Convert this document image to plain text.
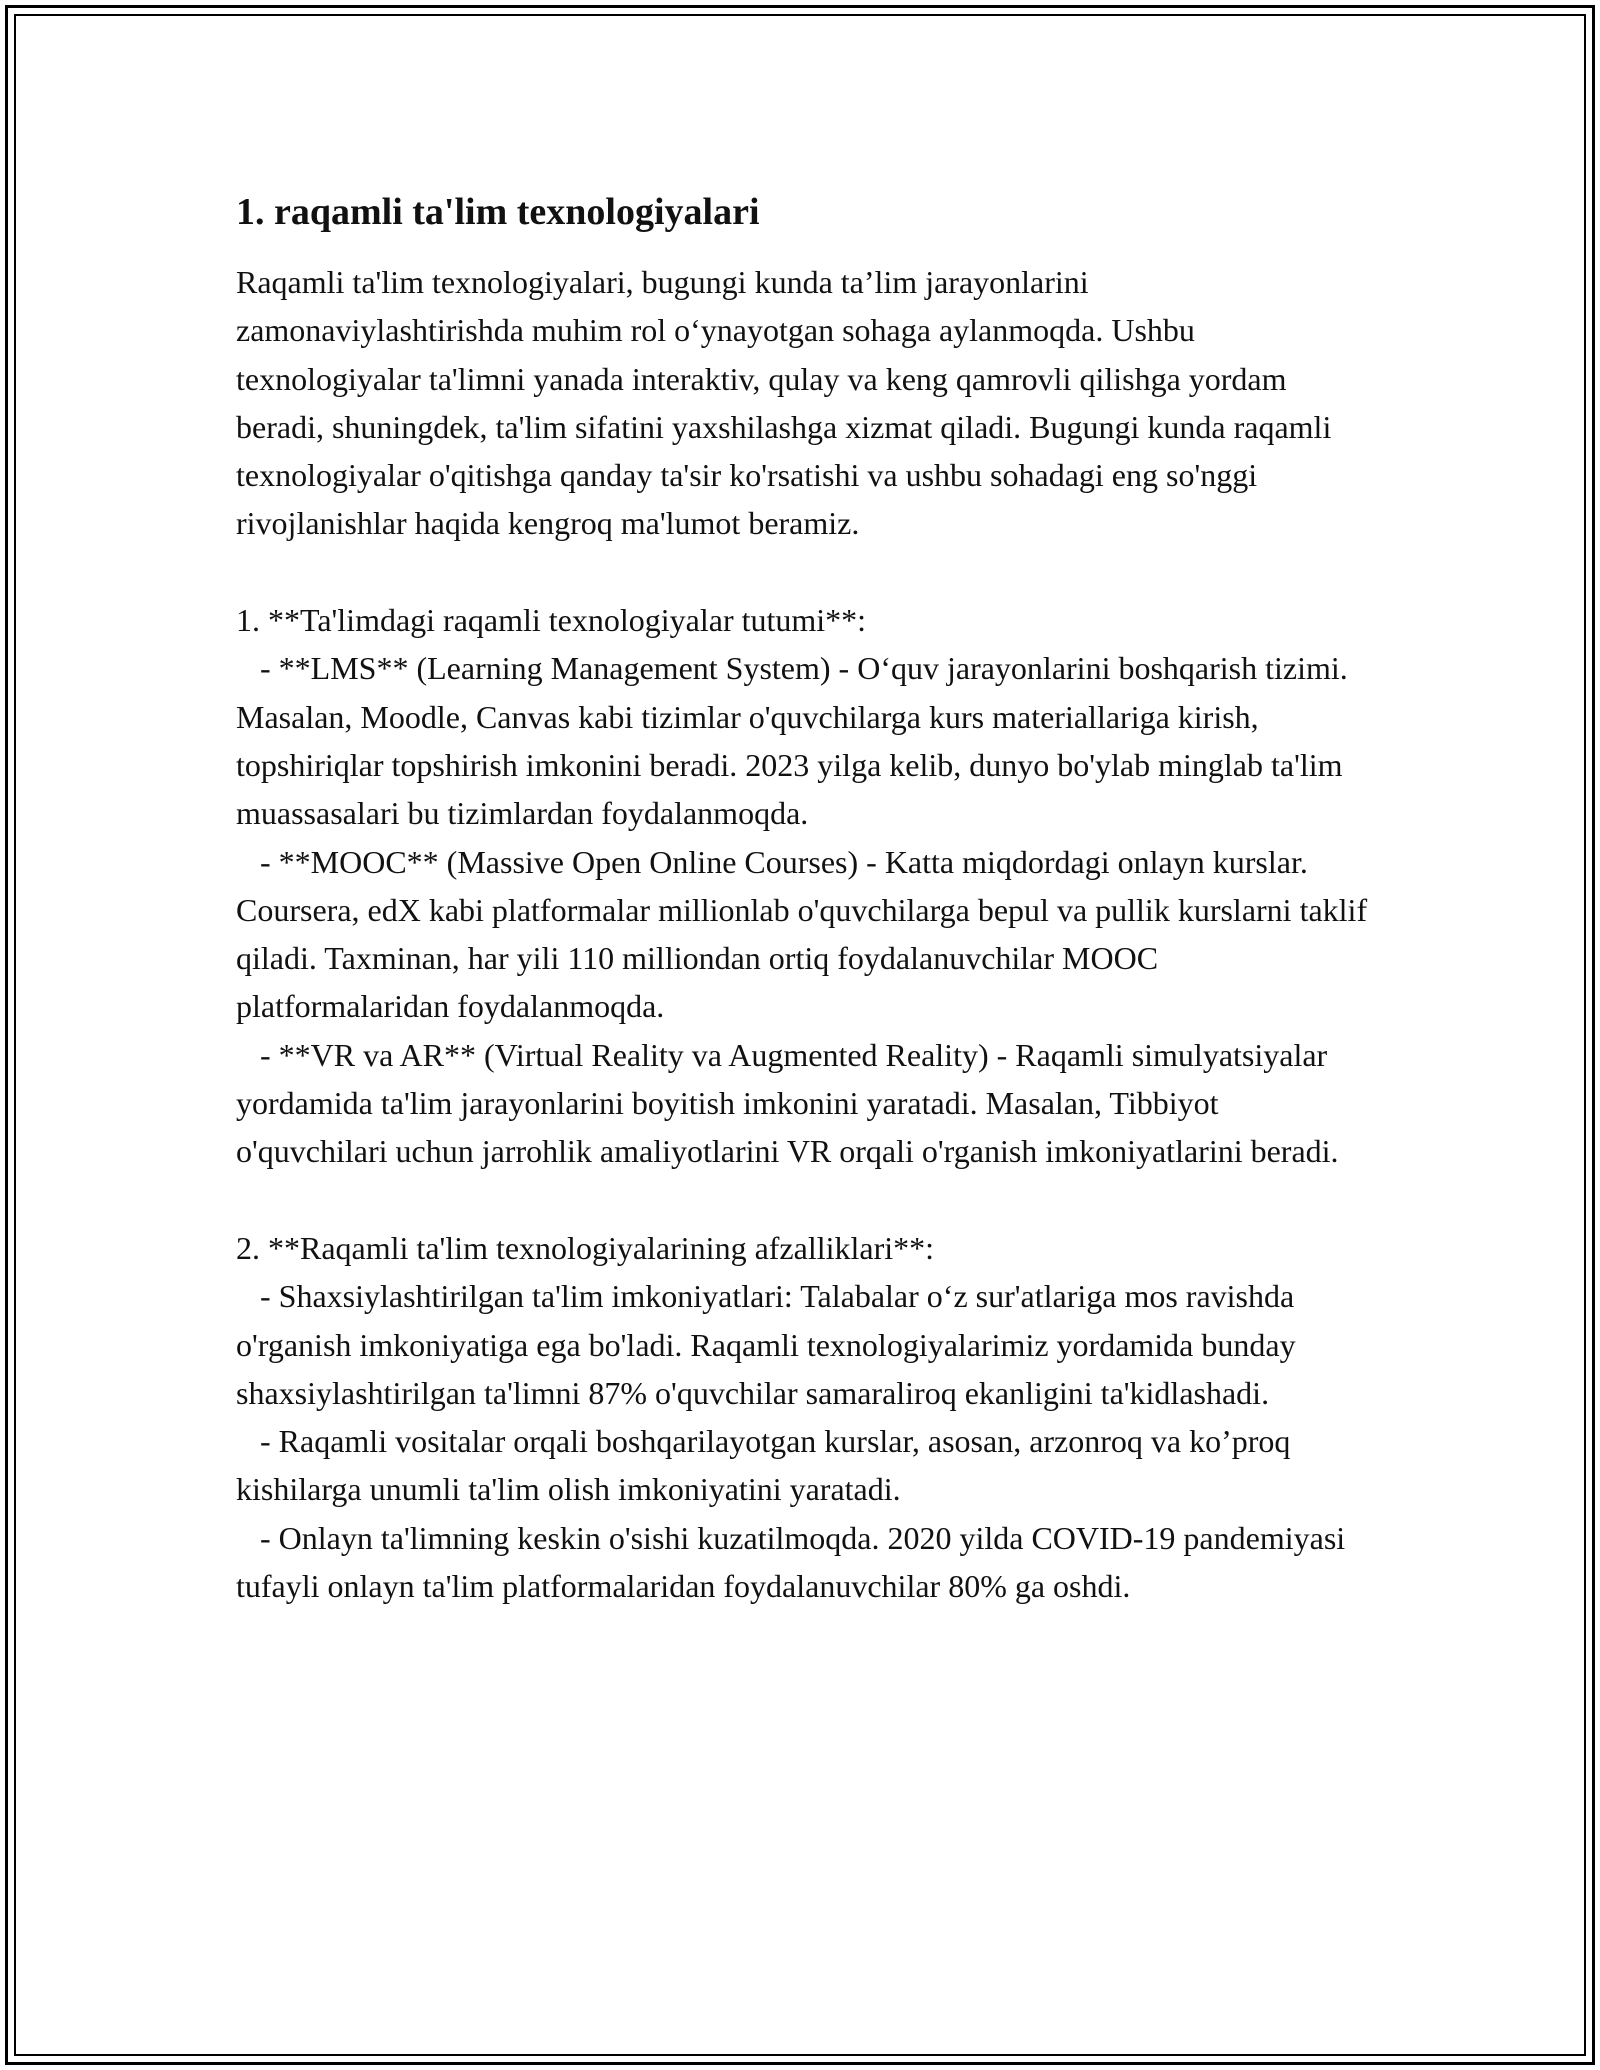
1. raqamli ta'lim texnologiyalari

Raqamli ta'lim texnologiyalari, bugungi kunda ta’lim jarayonlarini zamonaviylashtirishda muhim rol o‘ynayotgan sohaga aylanmoqda. Ushbu texnologiyalar ta'limni yanada interaktiv, qulay va keng qamrovli qilishga yordam beradi, shuningdek, ta'lim sifatini yaxshilashga xizmat qiladi. Bugungi kunda raqamli texnologiyalar o'qitishga qanday ta'sir ko'rsatishi va ushbu sohadagi eng so'nggi rivojlanishlar haqida kengroq ma'lumot beramiz.

1. **Ta'limdagi raqamli texnologiyalar tutumi**:

- **LMS** (Learning Management System) - O‘quv jarayonlarini boshqarish tizimi. Masalan, Moodle, Canvas kabi tizimlar o'quvchilarga kurs materiallariga kirish, topshiriqlar topshirish imkonini beradi. 2023 yilga kelib, dunyo bo'ylab minglab ta'lim muassasalari bu tizimlardan foydalanmoqda.

- **MOOC** (Massive Open Online Courses) - Katta miqdordagi onlayn kurslar. Coursera, edX kabi platformalar millionlab o'quvchilarga bepul va pullik kurslarni taklif qiladi. Taxminan, har yili 110 milliondan ortiq foydalanuvchilar MOOC platformalaridan foydalanmoqda.

- **VR va AR** (Virtual Reality va Augmented Reality) - Raqamli simulyatsiyalar yordamida ta'lim jarayonlarini boyitish imkonini yaratadi. Masalan, Tibbiyot o'quvchilari uchun jarrohlik amaliyotlarini VR orqali o'rganish imkoniyatlarini beradi.

2. **Raqamli ta'lim texnologiyalarining afzalliklari**:

- Shaxsiylashtirilgan ta'lim imkoniyatlari: Talabalar o‘z sur'atlariga mos ravishda o'rganish imkoniyatiga ega bo'ladi. Raqamli texnologiyalarimiz yordamida bunday shaxsiylashtirilgan ta'limni 87% o'quvchilar samaraliroq ekanligini ta'kidlashadi.

- Raqamli vositalar orqali boshqarilayotgan kurslar, asosan, arzonroq va ko’proq kishilarga unumli ta'lim olish imkoniyatini yaratadi.

- Onlayn ta'limning keskin o'sishi kuzatilmoqda. 2020 yilda COVID-19 pandemiyasi tufayli onlayn ta'lim platformalaridan foydalanuvchilar 80% ga oshdi.
